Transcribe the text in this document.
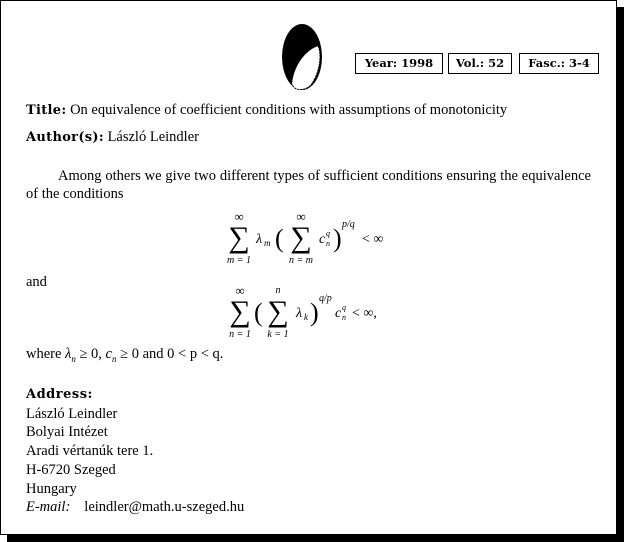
Year: 1998	Vol.: 52	Fasc.: 3-4
Title: On equivalence of coefficient conditions with assumptions of monotonicity
Author(s): László Leindler
Among others we give two different types of sufficient conditions ensuring the equivalence of the conditions
∞
∑
m = 1
λ m (
∞
∑
n = m
c q
n ) p/q
< ∞
and
∞
∑
n = 1
(
n
∑
k = 1
λ k ) q/p
c q
n < ∞,
where $\lambda_n \ge 0$, $c_n \ge 0$ and 0 < p < q.
Address:
László Leindler
Bolyai Intézet
Aradi vértanúk tere 1.
H-6720 Szeged
Hungary
E-mail: leindler@math.u-szeged.hu
